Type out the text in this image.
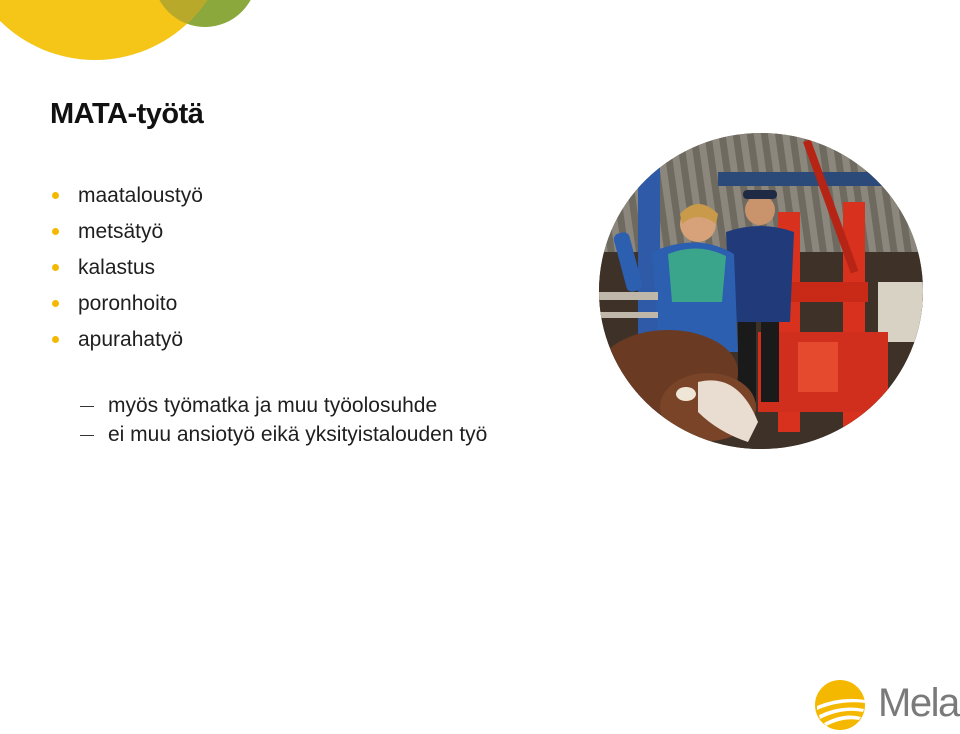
MATA-työtä
maataloustyö
metsätyö
kalastus
poronhoito
apurahatyö
myös työmatka ja muu työolosuhde
ei muu ansiotyö eikä yksityistalouden työ
Mela
